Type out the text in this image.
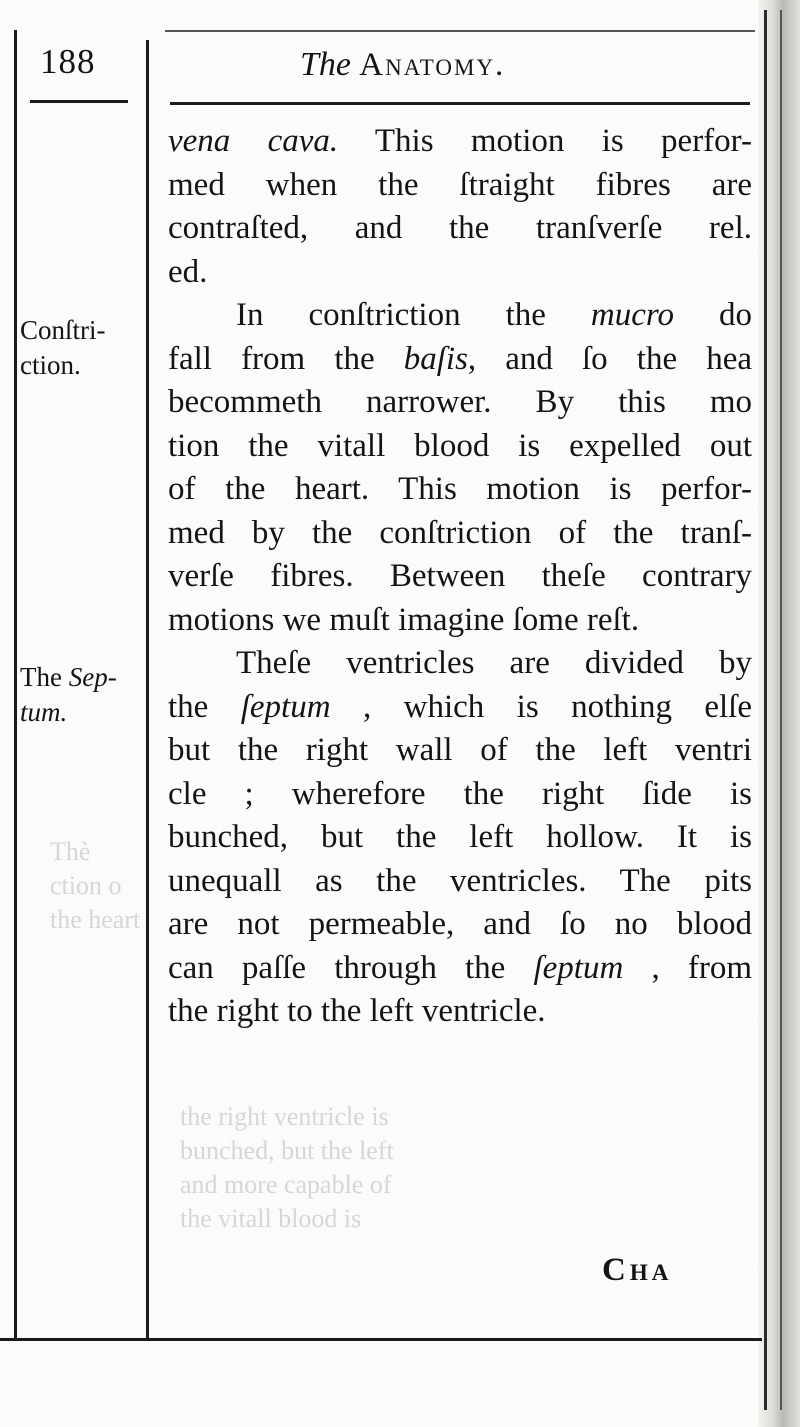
Thè
ction o
the heart
the right ventricle is
bunched, but the left
and more capable of
the vitall blood is
188	The Anatomy.
vena cava. This motion is perfor-
med when the ſtraight fibres are
contraſted, and the tranſverſe rel.
ed.
In conſtriction the mucro do
fall from the baſis, and ſo the hea
becommeth narrower. By this mo
tion the vitall blood is expelled out
of the heart. This motion is perfor-
med by the conſtriction of the tranſ-
verſe fibres. Between theſe contrary
motions we muſt imagine ſome reſt.
Theſe ventricles are divided by
the ſeptum , which is nothing elſe
but the right wall of the left ventri
cle ; wherefore the right ſide is
bunched, but the left hollow. It is
unequall as the ventricles. The pits
are not permeable, and ſo no blood
can paſſe through the ſeptum , from
the right to the left ventricle.
Conſtri-
ction.
The Sep-
tum.
Cha
